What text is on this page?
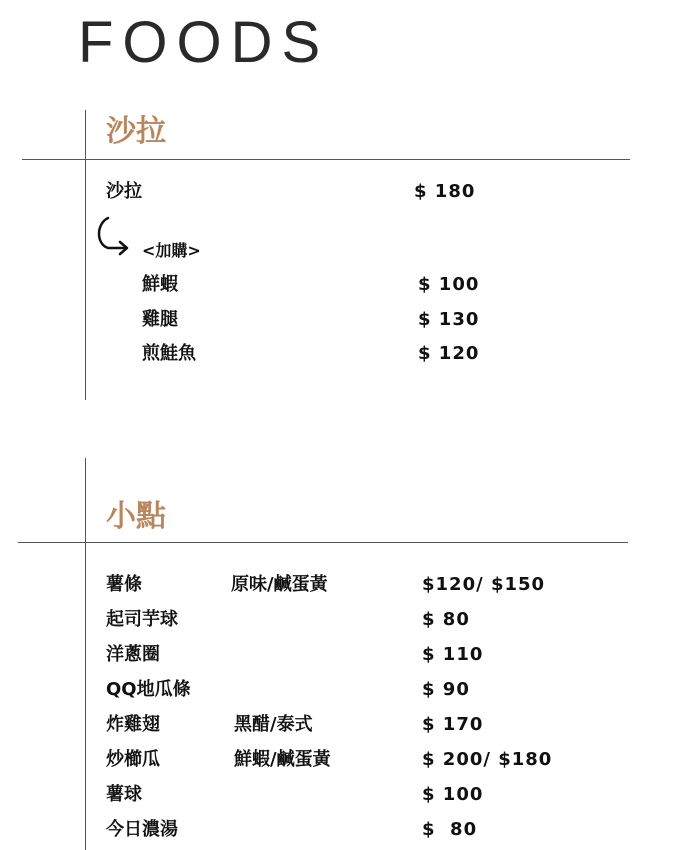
FOODS
沙拉
沙拉	$ 180
<加購>
鮮蝦	$ 100
雞腿	$ 130
煎鮭魚	$ 120
小點
薯條	原味/鹹蛋黃	$120/ $150
起司芋球	$ 80
洋蔥圈	$ 110
QQ地瓜條	$ 90
炸雞翅	黑醋/泰式	$ 170
炒櫛瓜	鮮蝦/鹹蛋黃	$ 200/ $180
薯球	$ 100
今日濃湯	$  80
